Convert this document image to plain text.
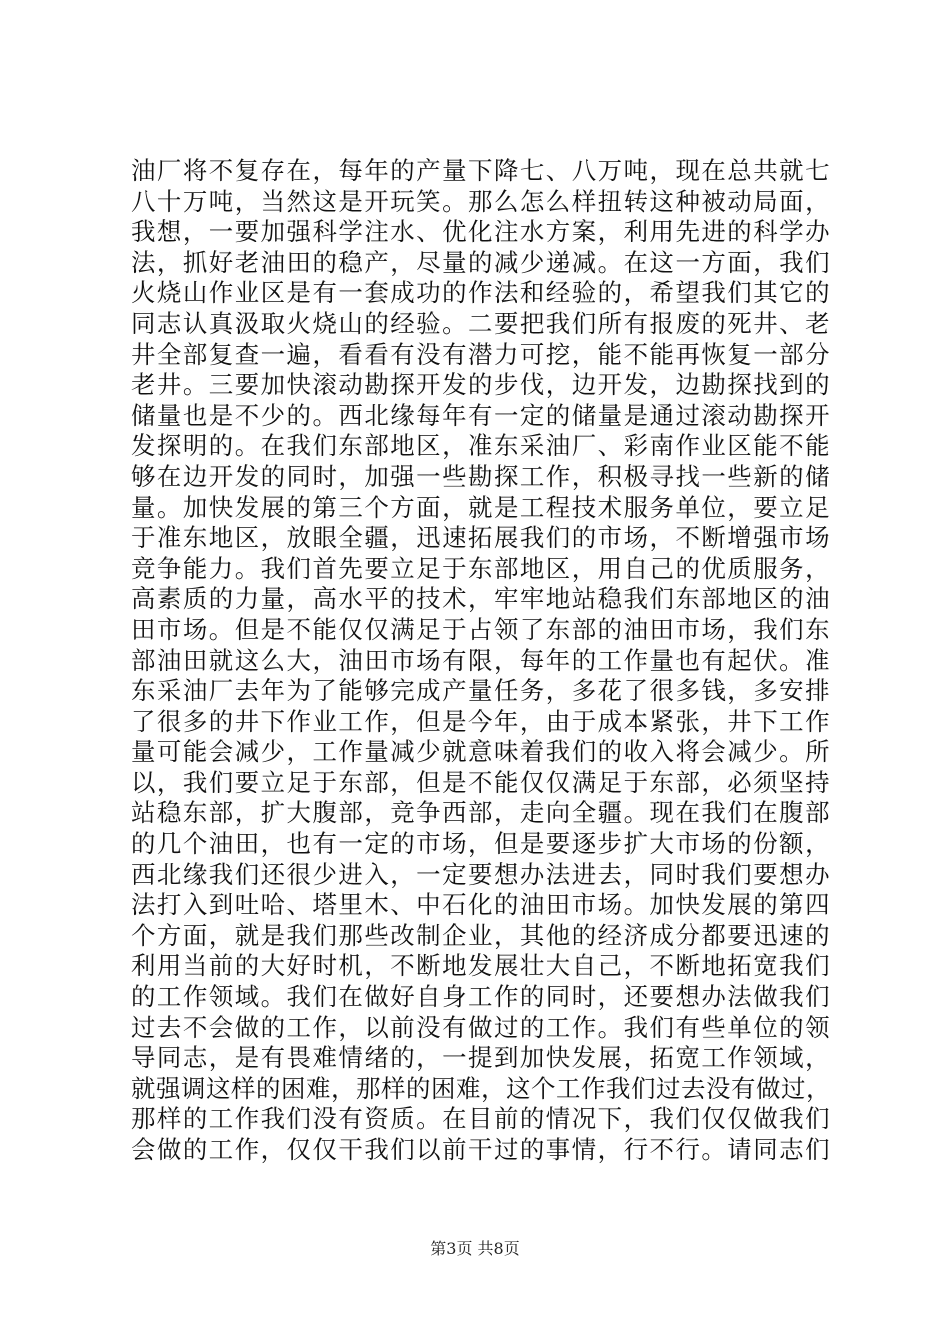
油厂将不复存在，每年的产量下降七、八万吨，现在总共就七
八十万吨，当然这是开玩笑。那么怎么样扭转这种被动局面，
我想，一要加强科学注水、优化注水方案，利用先进的科学办
法，抓好老油田的稳产，尽量的减少递减。在这一方面，我们
火烧山作业区是有一套成功的作法和经验的，希望我们其它的
同志认真汲取火烧山的经验。二要把我们所有报废的死井、老
井全部复查一遍，看看有没有潜力可挖，能不能再恢复一部分
老井。三要加快滚动勘探开发的步伐，边开发，边勘探找到的
储量也是不少的。西北缘每年有一定的储量是通过滚动勘探开
发探明的。在我们东部地区，准东采油厂、彩南作业区能不能
够在边开发的同时，加强一些勘探工作，积极寻找一些新的储
量。加快发展的第三个方面，就是工程技术服务单位，要立足
于准东地区，放眼全疆，迅速拓展我们的市场，不断增强市场
竞争能力。我们首先要立足于东部地区，用自己的优质服务，
高素质的力量，高水平的技术，牢牢地站稳我们东部地区的油
田市场。但是不能仅仅满足于占领了东部的油田市场，我们东
部油田就这么大，油田市场有限，每年的工作量也有起伏。准
东采油厂去年为了能够完成产量任务，多花了很多钱，多安排
了很多的井下作业工作，但是今年，由于成本紧张，井下工作
量可能会减少，工作量减少就意味着我们的收入将会减少。所
以，我们要立足于东部，但是不能仅仅满足于东部，必须坚持
站稳东部，扩大腹部，竞争西部，走向全疆。现在我们在腹部
的几个油田，也有一定的市场，但是要逐步扩大市场的份额，
西北缘我们还很少进入，一定要想办法进去，同时我们要想办
法打入到吐哈、塔里木、中石化的油田市场。加快发展的第四
个方面，就是我们那些改制企业，其他的经济成分都要迅速的
利用当前的大好时机，不断地发展壮大自己，不断地拓宽我们
的工作领域。我们在做好自身工作的同时，还要想办法做我们
过去不会做的工作，以前没有做过的工作。我们有些单位的领
导同志，是有畏难情绪的，一提到加快发展，拓宽工作领域，
就强调这样的困难，那样的困难，这个工作我们过去没有做过，
那样的工作我们没有资质。在目前的情况下，我们仅仅做我们
会做的工作，仅仅干我们以前干过的事情，行不行。请同志们
第3页 共8页
